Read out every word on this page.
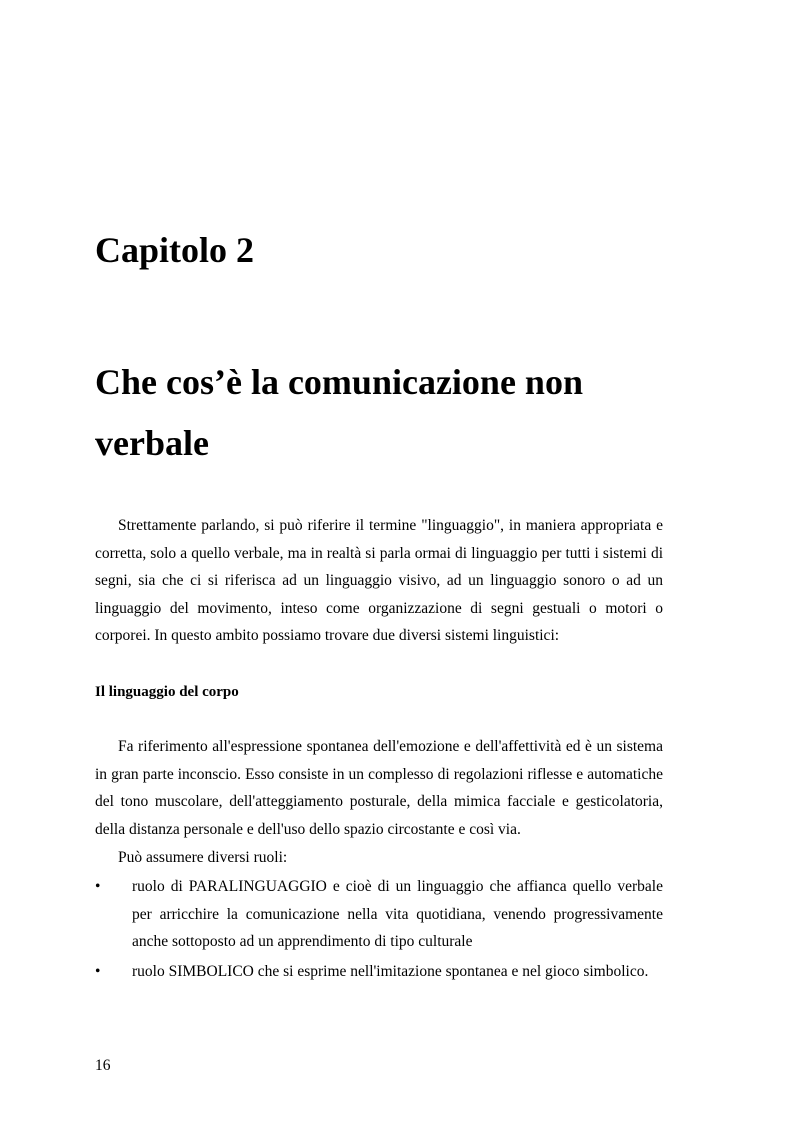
Capitolo 2
Che cos’è la comunicazione non verbale

Strettamente parlando, si può riferire il termine "linguaggio", in maniera appropriata e corretta, solo a quello verbale, ma in realtà si parla ormai di linguaggio per tutti i sistemi di segni, sia che ci si riferisca ad un linguaggio visivo, ad un linguaggio sonoro o ad un linguaggio del movimento, inteso come organizzazione di segni gestuali o motori o corporei. In questo ambito possiamo trovare due diversi sistemi linguistici:

Il linguaggio del corpo

Fa riferimento all'espressione spontanea dell'emozione e dell'affettività ed è un sistema in gran parte inconscio. Esso consiste in un complesso di regolazioni riflesse e automatiche del tono muscolare, dell'atteggiamento posturale, della mimica facciale e gesticolatoria, della distanza personale e dell'uso dello spazio circostante e così via.

Può assumere diversi ruoli:

•	ruolo di PARALINGUAGGIO e cioè di un linguaggio che affianca quello verbale per arricchire la comunicazione nella vita quotidiana, venendo progressivamente anche sottoposto ad un apprendimento di tipo culturale
•	ruolo SIMBOLICO che si esprime nell'imitazione spontanea e nel gioco simbolico.
16
